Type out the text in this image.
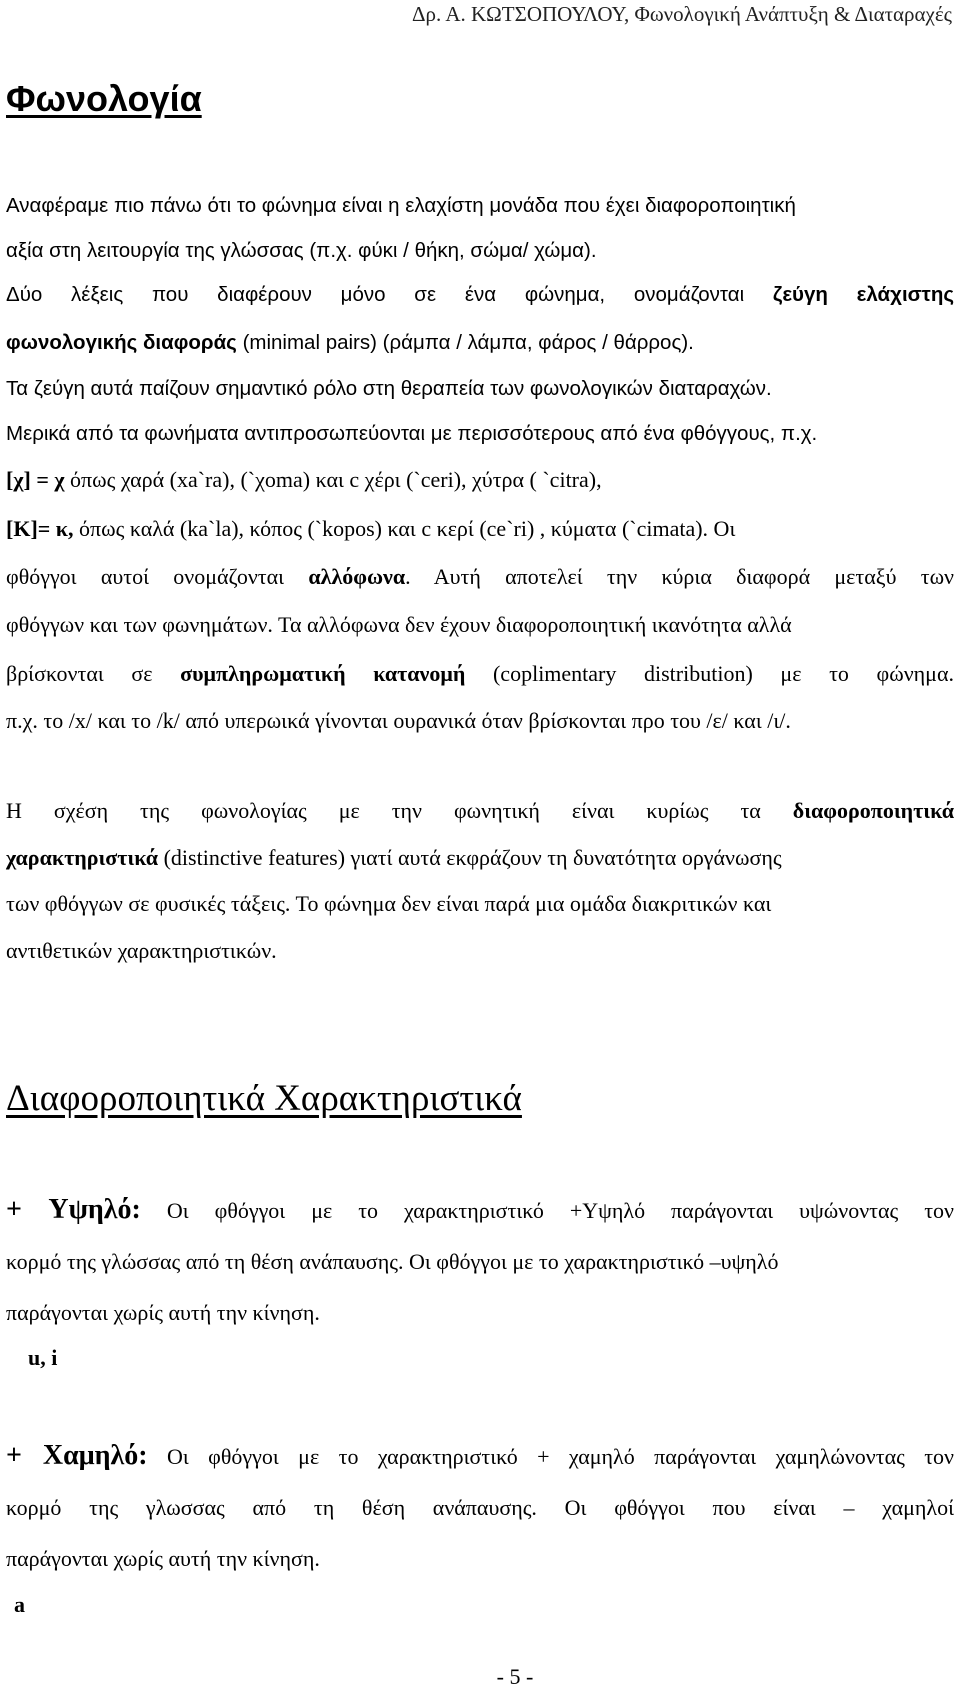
Δρ. Α. ΚΩΤΣΟΠΟΥΛΟΥ, Φωνολογική Ανάπτυξη & Διαταραχές
Φωνολογία
Αναφέραμε πιο πάνω ότι το φώνημα είναι η ελαχίστη μονάδα που έχει διαφοροποιητική
αξία στη λειτουργία της γλώσσας (π.χ. φύκι / θήκη, σώμα/ χώμα).
Δύο λέξεις που διαφέρουν μόνο σε ένα φώνημα, ονομάζονται ζεύγη ελάχιστης
φωνολογικής διαφοράς (minimal pairs) (ράμπα / λάμπα, φάρος / θάρρος).
Τα ζεύγη αυτά παίζουν σημαντικό ρόλο στη θεραπεία των φωνολογικών διαταραχών.
Μερικά από τα φωνήματα αντιπροσωπεύονται με περισσότερους από ένα φθόγγους, π.χ.
[χ] = χ όπως χαρά (xa`ra), (`χoma) και c χέρι (`ceri), χύτρα ( `citra),
[K]= κ, όπως καλά (ka`la), κόπος (`kopos) και c κερί (ce`ri) , κύματα (`cimata). Οι
φθόγγοι αυτοί ονομάζονται αλλόφωνα. Αυτή αποτελεί την κύρια διαφορά μεταξύ των
φθόγγων και των φωνημάτων. Τα αλλόφωνα δεν έχουν διαφοροποιητική ικανότητα αλλά
βρίσκονται σε συμπληρωματική κατανομή (coplimentary distribution) με το φώνημα.
π.χ. το /x/ και το /k/ από υπερωικά γίνονται ουρανικά όταν βρίσκονται προ του /ε/ και /ι/.
Η σχέση της φωνολογίας με την φωνητική είναι κυρίως τα διαφοροποιητικά
χαρακτηριστικά (distinctive features) γιατί αυτά εκφράζουν τη δυνατότητα οργάνωσης
των φθόγγων σε φυσικές τάξεις. Το φώνημα δεν είναι παρά μια ομάδα διακριτικών και
αντιθετικών χαρακτηριστικών.
Διαφοροποιητικά Χαρακτηριστικά
+ Υψηλό: Οι φθόγγοι με το χαρακτηριστικό +Υψηλό παράγονται υψώνοντας τον
κορμό της γλώσσας από τη θέση ανάπαυσης. Οι φθόγγοι με το χαρακτηριστικό –υψηλό
παράγονται χωρίς αυτή την κίνηση.
u, i
+ Χαμηλό: Οι φθόγγοι με το χαρακτηριστικό + χαμηλό παράγονται χαμηλώνοντας τον
κορμό της γλωσσας από τη θέση ανάπαυσης. Οι φθόγγοι που είναι – χαμηλοί
παράγονται χωρίς αυτή την κίνηση.
a
- 5 -
